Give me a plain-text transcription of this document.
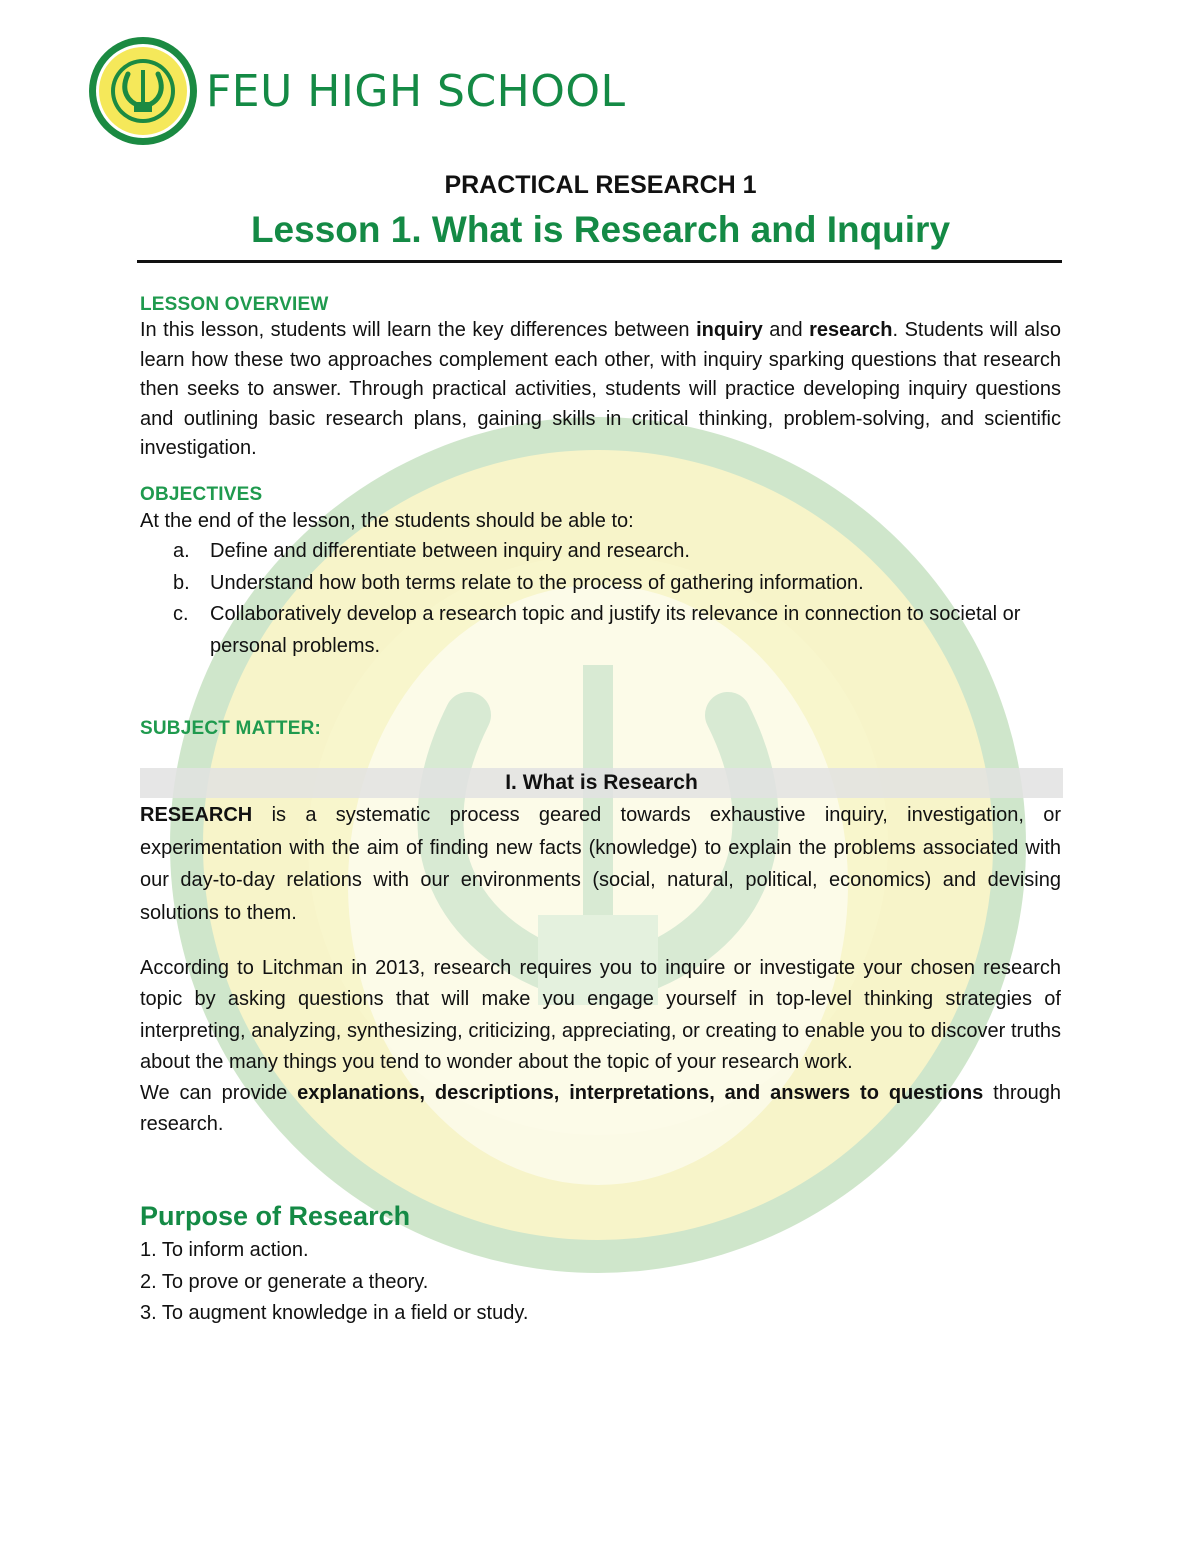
FEU HIGH SCHOOL
PRACTICAL RESEARCH 1
Lesson 1. What is Research and Inquiry
LESSON OVERVIEW

In this lesson, students will learn the key differences between inquiry and research. Students will also learn how these two approaches complement each other, with inquiry sparking questions that research then seeks to answer. Through practical activities, students will practice developing inquiry questions and outlining basic research plans, gaining skills in critical thinking, problem-solving, and scientific investigation.

OBJECTIVES
At the end of the lesson, the students should be able to:
a. Define and differentiate between inquiry and research.
b. Understand how both terms relate to the process of gathering information.
c. Collaboratively develop a research topic and justify its relevance in connection to societal or personal problems.
SUBJECT MATTER:
I. What is Research

RESEARCH is a systematic process geared towards exhaustive inquiry, investigation, or experimentation with the aim of finding new facts (knowledge) to explain the problems associated with our day-to-day relations with our environments (social, natural, political, economics) and devising solutions to them.

According to Litchman in 2013, research requires you to inquire or investigate your chosen research topic by asking questions that will make you engage yourself in top-level thinking strategies of interpreting, analyzing, synthesizing, criticizing, appreciating, or creating to enable you to discover truths about the many things you tend to wonder about the topic of your research work.

We can provide explanations, descriptions, interpretations, and answers to questions through research.

Purpose of Research
1. To inform action.
2. To prove or generate a theory.
3. To augment knowledge in a field or study.
